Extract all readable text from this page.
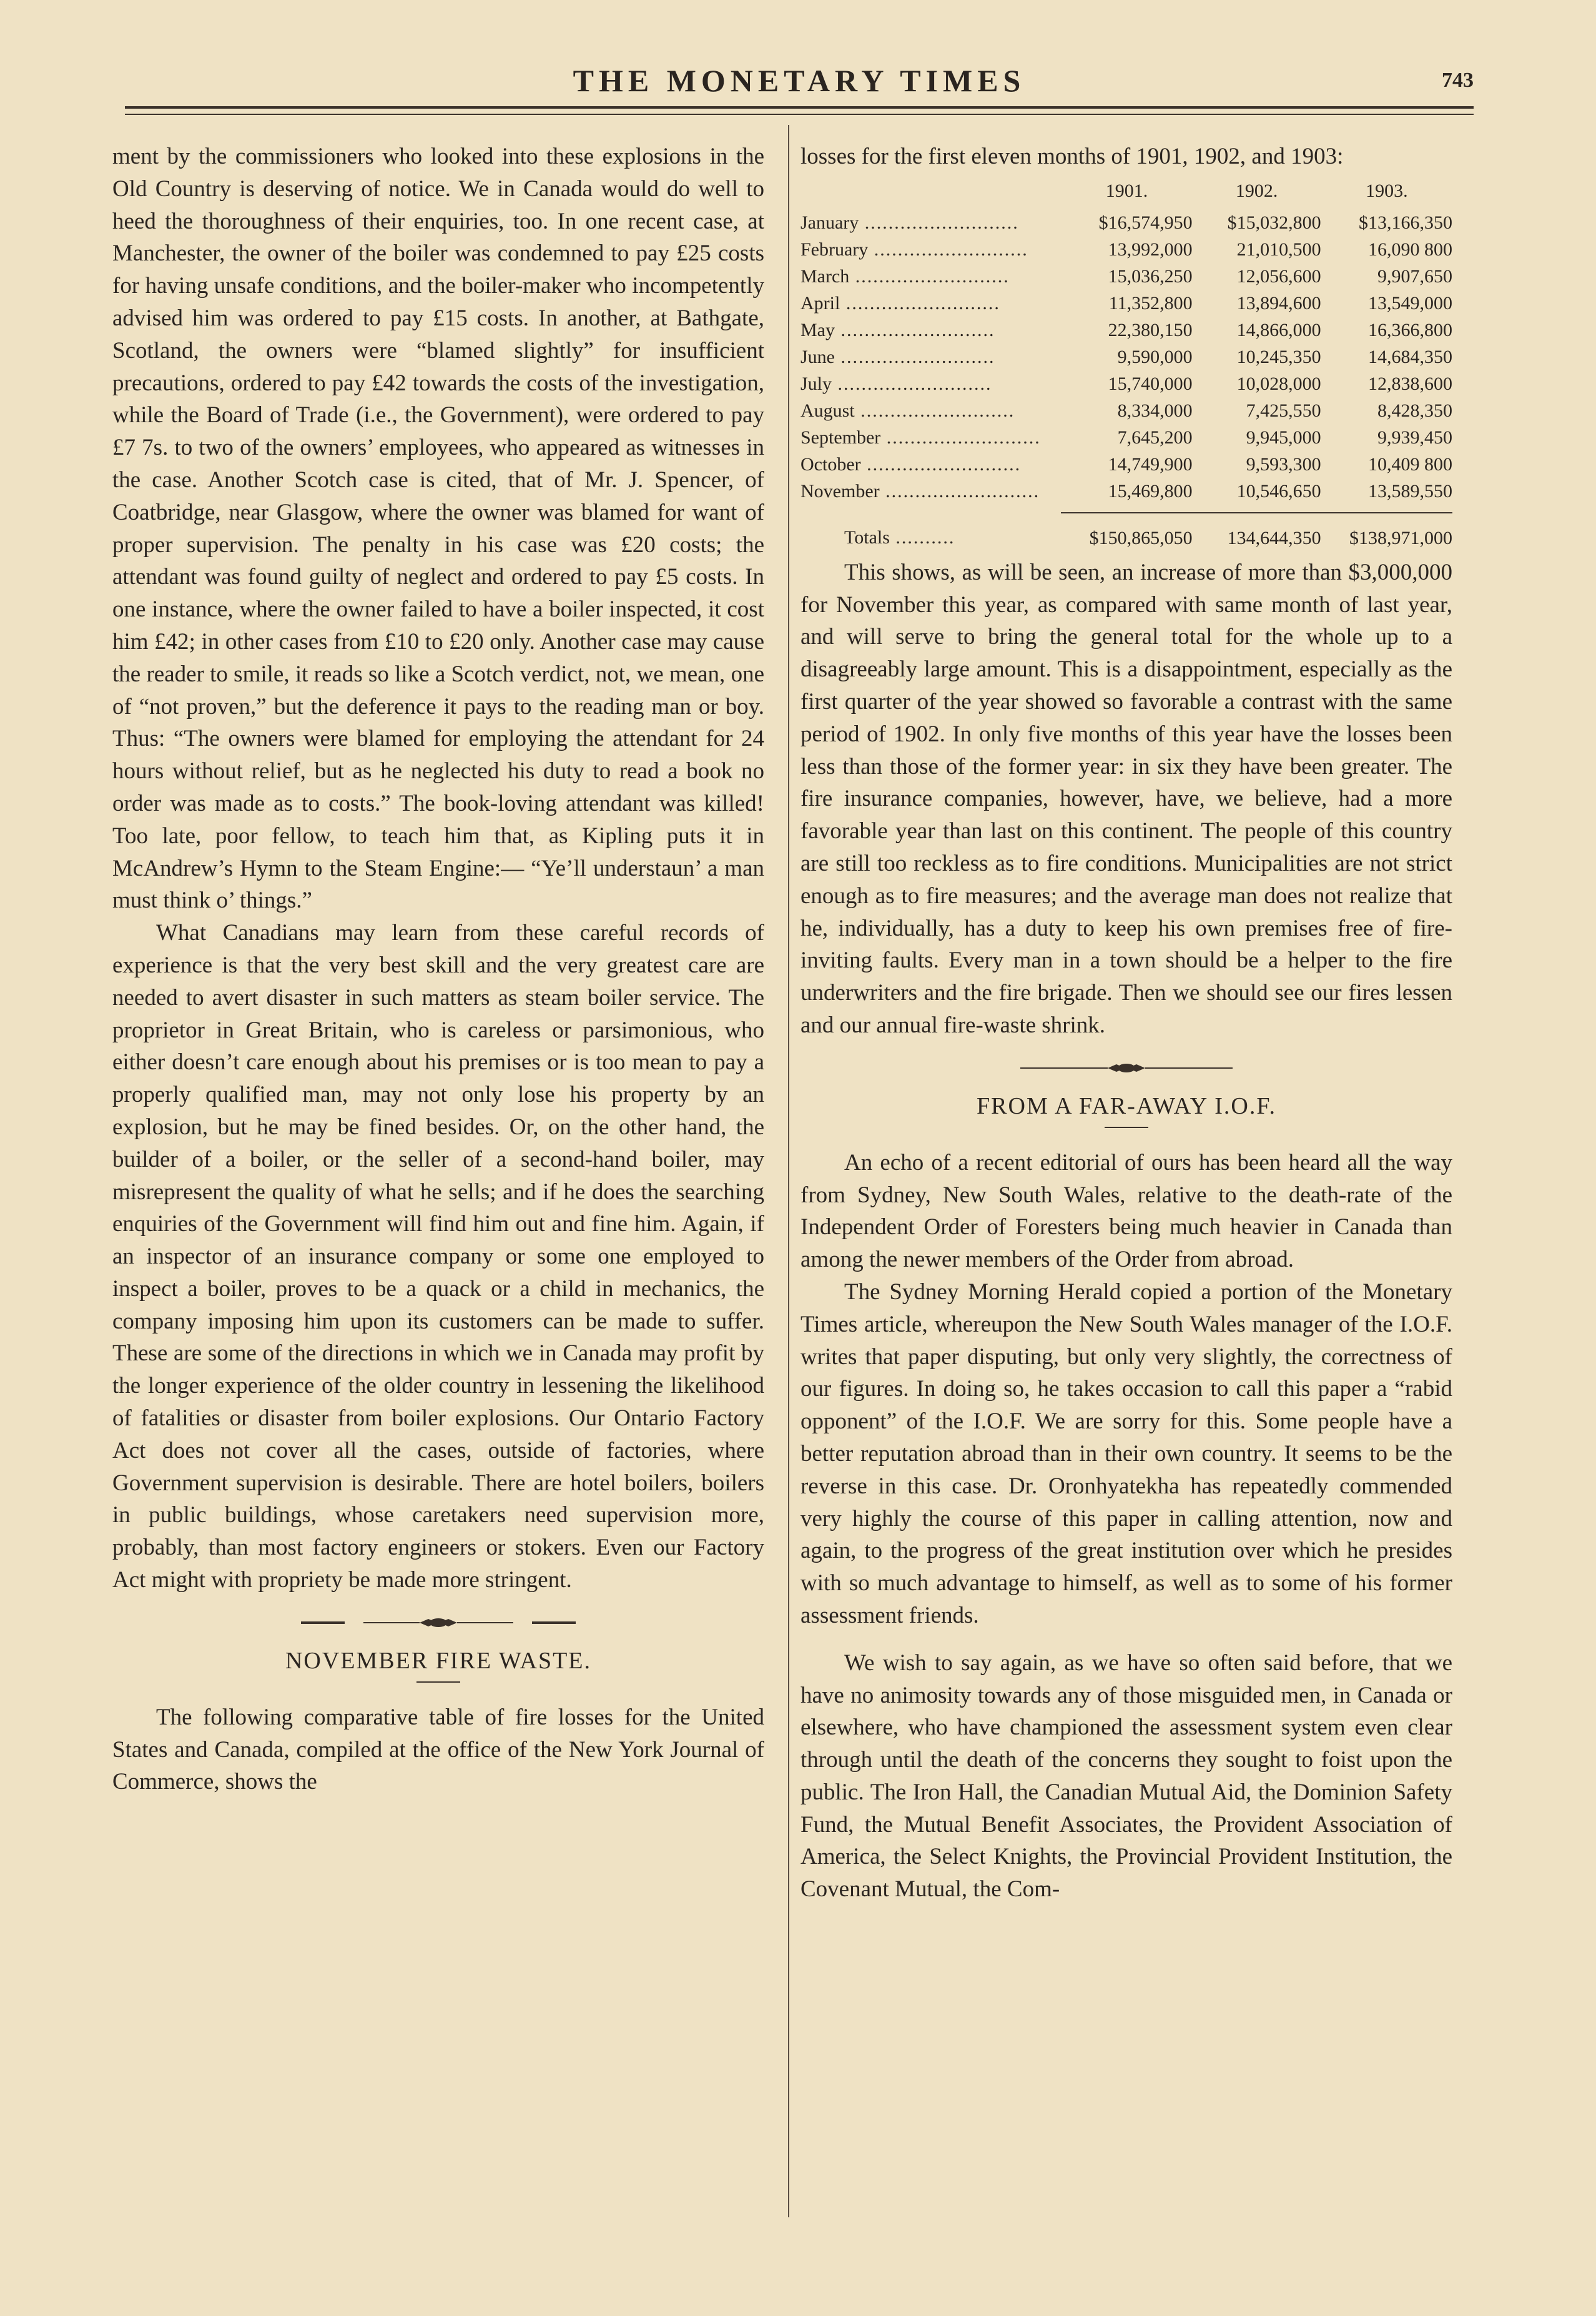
THE MONETARY TIMES	743

ment by the commissioners who looked into these explosions in the Old Country is deserving of notice. We in Canada would do well to heed the thoroughness of their enquiries, too. In one recent case, at Manchester, the owner of the boiler was condemned to pay £25 costs for having unsafe conditions, and the boiler-maker who incompetently advised him was ordered to pay £15 costs. In another, at Bathgate, Scotland, the owners were “blamed slightly” for insufficient precautions, ordered to pay £42 towards the costs of the investigation, while the Board of Trade (i.e., the Government), were ordered to pay £7 7s. to two of the owners’ employees, who appeared as witnesses in the case. Another Scotch case is cited, that of Mr. J. Spencer, of Coatbridge, near Glasgow, where the owner was blamed for want of proper supervision. The penalty in his case was £20 costs; the attendant was found guilty of neglect and ordered to pay £5 costs. In one instance, where the owner failed to have a boiler inspected, it cost him £42; in other cases from £10 to £20 only. Another case may cause the reader to smile, it reads so like a Scotch verdict, not, we mean, one of “not proven,” but the deference it pays to the reading man or boy. Thus: “The owners were blamed for employing the attendant for 24 hours without relief, but as he neglected his duty to read a book no order was made as to costs.” The book-loving attendant was killed! Too late, poor fellow, to teach him that, as Kipling puts it in McAndrew’s Hymn to the Steam Engine:— “Ye’ll understaun’ a man must think o’ things.”

What Canadians may learn from these careful records of experience is that the very best skill and the very greatest care are needed to avert disaster in such matters as steam boiler service. The proprietor in Great Britain, who is careless or parsimonious, who either doesn’t care enough about his premises or is too mean to pay a properly qualified man, may not only lose his property by an explosion, but he may be fined besides. Or, on the other hand, the builder of a boiler, or the seller of a second-hand boiler, may misrepresent the quality of what he sells; and if he does the searching enquiries of the Government will find him out and fine him. Again, if an inspector of an insurance company or some one employed to inspect a boiler, proves to be a quack or a child in mechanics, the company imposing him upon its customers can be made to suffer. These are some of the directions in which we in Canada may profit by the longer experience of the older country in lessening the likelihood of fatalities or disaster from boiler explosions. Our Ontario Factory Act does not cover all the cases, outside of factories, where Government supervision is desirable. There are hotel boilers, boilers in public buildings, whose caretakers need supervision more, probably, than most factory engineers or stokers. Even our Factory Act might with propriety be made more stringent.

NOVEMBER FIRE WASTE.

The following comparative table of fire losses for the United States and Canada, compiled at the office of the New York Journal of Commerce, shows the

losses for the first eleven months of 1901, 1902, and 1903:

	1901.	1902.	1903.
January ..........................	$16,574,950	$15,032,800	$13,166,350
February ..........................	13,992,000	21,010,500	16,090 800
March ..........................	15,036,250	12,056,600	9,907,650
April ..........................	11,352,800	13,894,600	13,549,000
May ..........................	22,380,150	14,866,000	16,366,800
June ..........................	9,590,000	10,245,350	14,684,350
July ..........................	15,740,000	10,028,000	12,838,600
August ..........................	8,334,000	7,425,550	8,428,350
September ..........................	7,645,200	9,945,000	9,939,450
October ..........................	14,749,900	9,593,300	10,409 800
November ..........................	15,469,800	10,546,650	13,589,550

Totals ..........	$150,865,050	134,644,350	$138,971,000

This shows, as will be seen, an increase of more than $3,000,000 for November this year, as compared with same month of last year, and will serve to bring the general total for the whole up to a disagreeably large amount. This is a disappointment, especially as the first quarter of the year showed so favorable a contrast with the same period of 1902. In only five months of this year have the losses been less than those of the former year: in six they have been greater. The fire insurance companies, however, have, we believe, had a more favorable year than last on this continent. The people of this country are still too reckless as to fire conditions. Municipalities are not strict enough as to fire measures; and the average man does not realize that he, individually, has a duty to keep his own premises free of fire-inviting faults. Every man in a town should be a helper to the fire underwriters and the fire brigade. Then we should see our fires lessen and our annual fire-waste shrink.

FROM A FAR-AWAY I.O.F.

An echo of a recent editorial of ours has been heard all the way from Sydney, New South Wales, relative to the death-rate of the Independent Order of Foresters being much heavier in Canada than among the newer members of the Order from abroad.

The Sydney Morning Herald copied a portion of the Monetary Times article, whereupon the New South Wales manager of the I.O.F. writes that paper disputing, but only very slightly, the correctness of our figures. In doing so, he takes occasion to call this paper a “rabid opponent” of the I.O.F. We are sorry for this. Some people have a better reputation abroad than in their own country. It seems to be the reverse in this case. Dr. Oronhyatekha has repeatedly commended very highly the course of this paper in calling attention, now and again, to the progress of the great institution over which he presides with so much advantage to himself, as well as to some of his former assessment friends.

We wish to say again, as we have so often said before, that we have no animosity towards any of those misguided men, in Canada or elsewhere, who have championed the assessment system even clear through until the death of the concerns they sought to foist upon the public. The Iron Hall, the Canadian Mutual Aid, the Dominion Safety Fund, the Mutual Benefit Associates, the Provident Association of America, the Select Knights, the Provincial Provident Institution, the Covenant Mutual, the Com-
